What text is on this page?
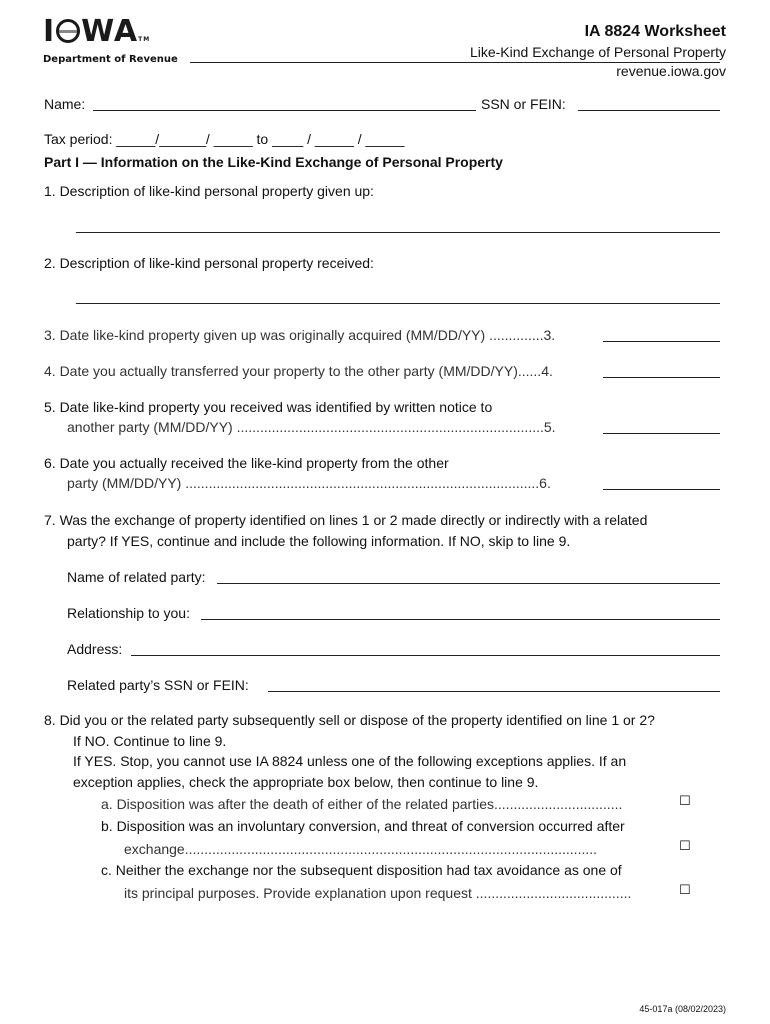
I WATM
Department of Revenue
IA 8824 Worksheet
Like-Kind Exchange of Personal Property
revenue.iowa.gov
Name:	SSN or FEIN:
Tax period: _____/______/ _____ to ____ / _____ / _____
Part I — Information on the Like-Kind Exchange of Personal Property
1. Description of like-kind personal property given up:
2. Description of like-kind personal property received:
3. Date like-kind property given up was originally acquired (MM/DD/YY) ..............3.
4. Date you actually transferred your property to the other party (MM/DD/YY)......4.
5. Date like-kind property you received was identified by written notice to
another party (MM/DD/YY) ...............................................................................5.
6. Date you actually received the like-kind property from the other
party (MM/DD/YY) ...........................................................................................6.
7. Was the exchange of property identified on lines 1 or 2 made directly or indirectly with a related
party? If YES, continue and include the following information. If NO, skip to line 9.
Name of related party:
Relationship to you:
Address:
Related party’s SSN or FEIN:
8. Did you or the related party subsequently sell or dispose of the property identified on line 1 or 2?
If NO. Continue to line 9.
If YES. Stop, you cannot use IA 8824 unless one of the following exceptions applies. If an
exception applies, check the appropriate box below, then continue to line 9.
a. Disposition was after the death of either of the related parties.................................	☐
b. Disposition was an involuntary conversion, and threat of conversion occurred after
exchange..........................................................................................................	☐
c. Neither the exchange nor the subsequent disposition had tax avoidance as one of
its principal purposes. Provide explanation upon request ........................................	☐
45-017a (08/02/2023)
